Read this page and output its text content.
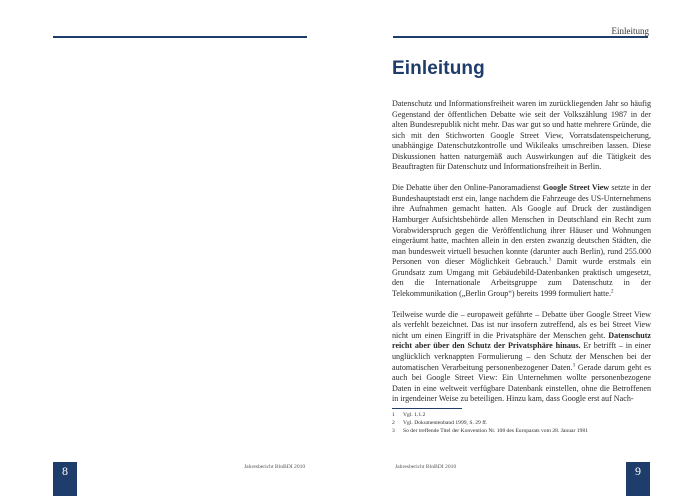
8	Jahresbericht BlnBDI 2010
Einleitung
Einleitung

Datenschutz und Informationsfreiheit waren im zurückliegenden Jahr so häufig Gegenstand der öffentlichen Debatte wie seit der Volkszählung 1987 in der alten Bundesrepublik nicht mehr. Das war gut so und hatte mehrere Gründe, die sich mit den Stichworten Google Street View, Vorratsdatenspeicherung, unabhängige Datenschutzkontrolle und Wikileaks umschreiben lassen. Diese Diskussionen hatten naturgemäß auch Auswirkungen auf die Tätigkeit des Beauftragten für Datenschutz und Informationsfreiheit in Berlin.

Die Debatte über den Online-Panoramadienst Google Street View setzte in der Bundeshauptstadt erst ein, lange nachdem die Fahrzeuge des US-Unternehmens ihre Aufnahmen gemacht hatten. Als Google auf Druck der zuständigen Hamburger Aufsichtsbehörde allen Menschen in Deutschland ein Recht zum Vorabwiderspruch gegen die Veröffentlichung ihrer Häuser und Wohnungen eingeräumt hatte, machten allein in den ersten zwanzig deutschen Städten, die man bundesweit virtuell besuchen konnte (darunter auch Berlin), rund 255.000 Personen von dieser Möglichkeit Gebrauch.$^1$ Damit wurde erstmals ein Grundsatz zum Umgang mit Gebäudebild-Datenbanken praktisch umgesetzt, den die Internationale Arbeitsgruppe zum Datenschutz in der Telekommunikation („Berlin Group“) bereits 1999 formuliert hatte.$^2$

Teilweise wurde die – europaweit geführte – Debatte über Google Street View als verfehlt bezeichnet. Das ist nur insofern zutreffend, als es bei Street View nicht um einen Eingriff in die Privatsphäre der Menschen geht. Datenschutz reicht aber über den Schutz der Privatsphäre hinaus. Er betrifft – in einer unglücklich verknappten Formulierung – den Schutz der Menschen bei der automatischen Verarbeitung personenbezogener Daten.$^3$ Gerade darum geht es auch bei Google Street View: Ein Unternehmen wollte personenbezogene Daten in eine weltweit verfügbare Datenbank einstellen, ohne die Betroffenen in irgendeiner Weise zu beteiligen. Hinzu kam, dass Google erst auf Nach-

1	Vgl. 1.1.2
2	Vgl. Dokumentenband 1999, S. 29 ff.
3	So der treffende Titel der Konvention Nr. 108 des Europarats vom 28. Januar 1981
Jahresbericht BlnBDI 2010	9
